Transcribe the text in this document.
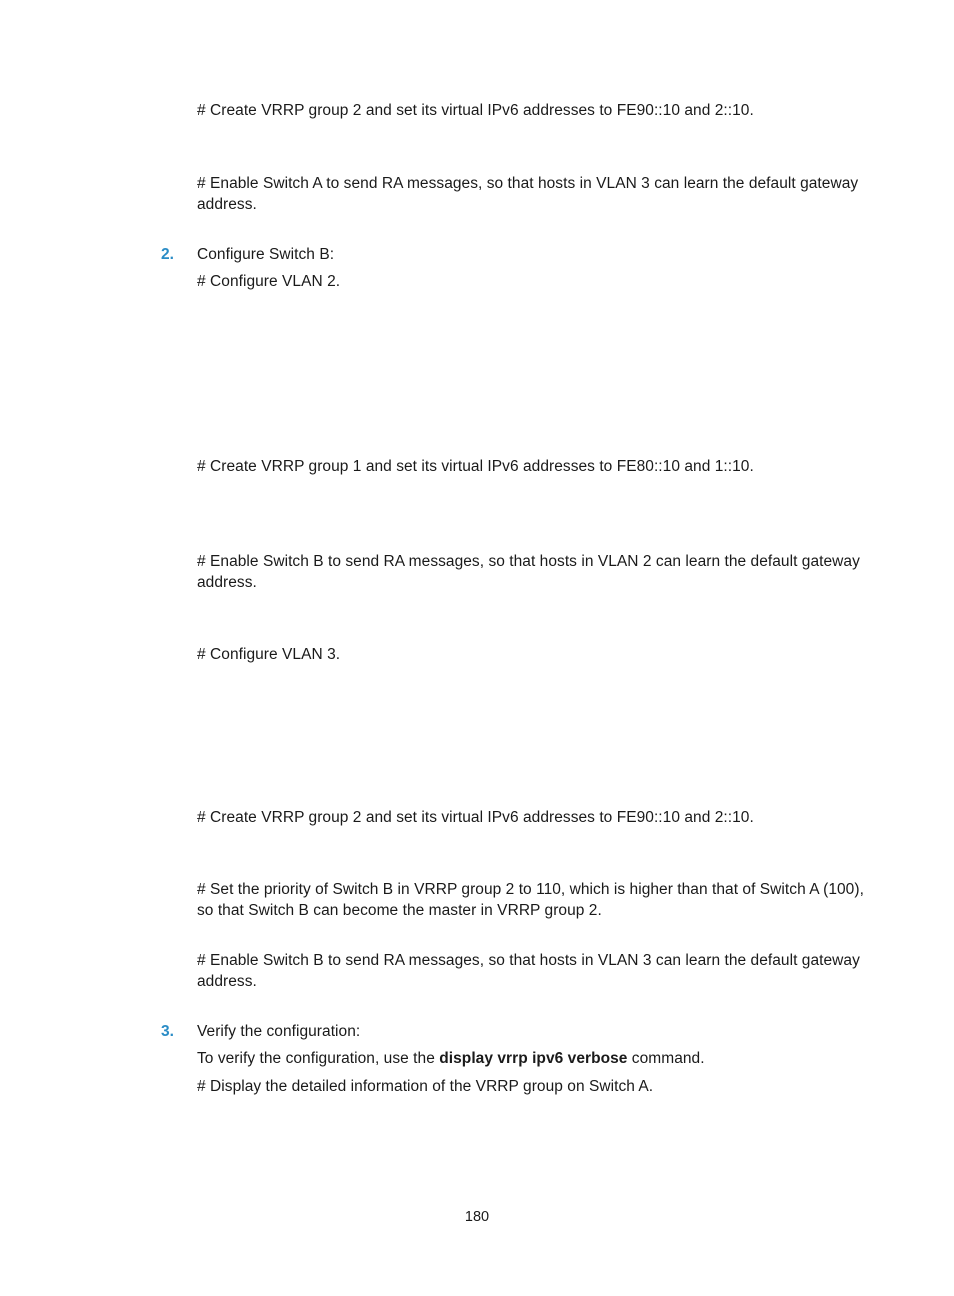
# Create VRRP group 2 and set its virtual IPv6 addresses to FE90::10 and 2::10.
# Enable Switch A to send RA messages, so that hosts in VLAN 3 can learn the default gateway address.
2. Configure Switch B:
# Configure VLAN 2.
# Create VRRP group 1 and set its virtual IPv6 addresses to FE80::10 and 1::10.
# Enable Switch B to send RA messages, so that hosts in VLAN 2 can learn the default gateway address.
# Configure VLAN 3.
# Create VRRP group 2 and set its virtual IPv6 addresses to FE90::10 and 2::10.
# Set the priority of Switch B in VRRP group 2 to 110, which is higher than that of Switch A (100), so that Switch B can become the master in VRRP group 2.
# Enable Switch B to send RA messages, so that hosts in VLAN 3 can learn the default gateway address.
3. Verify the configuration:
To verify the configuration, use the display vrrp ipv6 verbose command.
# Display the detailed information of the VRRP group on Switch A.
180
